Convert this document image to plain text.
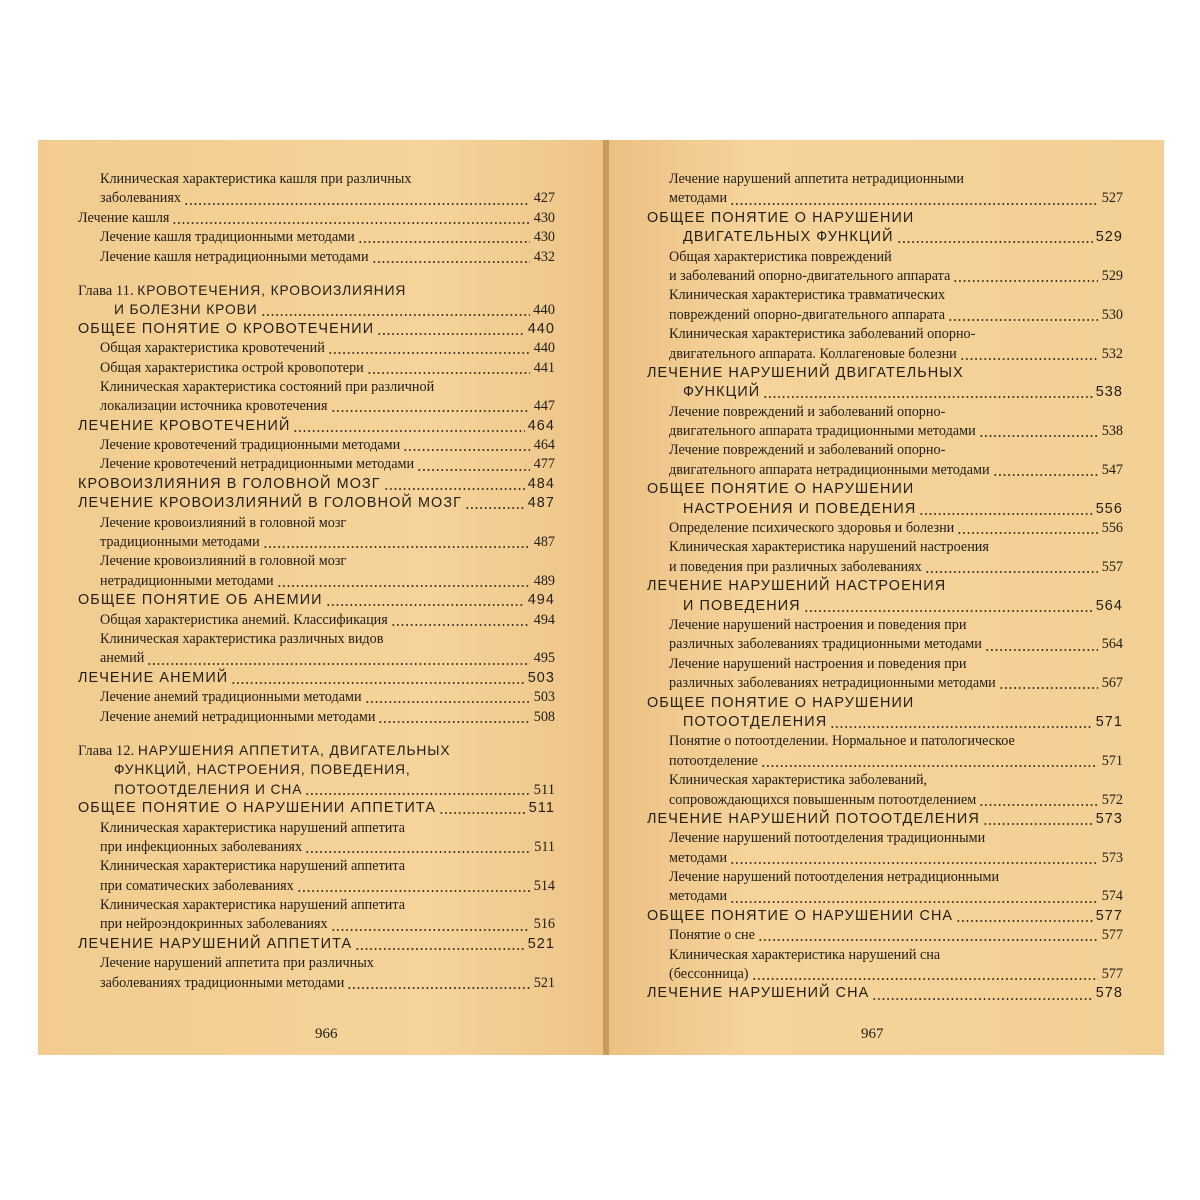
Клиническая характеристика кашля при различных
заболеваниях	427
Лечение кашля	430
Лечение кашля традиционными методами	430
Лечение кашля нетрадиционными методами	432
Глава 11. КРОВОТЕЧЕНИЯ, КРОВОИЗЛИЯНИЯ
И БОЛЕЗНИ КРОВИ	440
ОБЩЕЕ ПОНЯТИЕ О КРОВОТЕЧЕНИИ	440
Общая характеристика кровотечений	440
Общая характеристика острой кровопотери	441
Клиническая характеристика состояний при различной
локализации источника кровотечения	447
ЛЕЧЕНИЕ КРОВОТЕЧЕНИЙ	464
Лечение кровотечений традиционными методами	464
Лечение кровотечений нетрадиционными методами	477
КРОВОИЗЛИЯНИЯ В ГОЛОВНОЙ МОЗГ	484
ЛЕЧЕНИЕ КРОВОИЗЛИЯНИЙ В ГОЛОВНОЙ МОЗГ	487
Лечение кровоизлияний в головной мозг
традиционными методами	487
Лечение кровоизлияний в головной мозг
нетрадиционными методами	489
ОБЩЕЕ ПОНЯТИЕ ОБ АНЕМИИ	494
Общая характеристика анемий. Классификация	494
Клиническая характеристика различных видов
анемий	495
ЛЕЧЕНИЕ АНЕМИЙ	503
Лечение анемий традиционными методами	503
Лечение анемий нетрадиционными методами	508
Глава 12. НАРУШЕНИЯ АППЕТИТА, ДВИГАТЕЛЬНЫХ
ФУНКЦИЙ, НАСТРОЕНИЯ, ПОВЕДЕНИЯ,
ПОТООТДЕЛЕНИЯ И СНА	511
ОБЩЕЕ ПОНЯТИЕ О НАРУШЕНИИ АППЕТИТА	511
Клиническая характеристика нарушений аппетита
при инфекционных заболеваниях	511
Клиническая характеристика нарушений аппетита
при соматических заболеваниях	514
Клиническая характеристика нарушений аппетита
при нейроэндокринных заболеваниях	516
ЛЕЧЕНИЕ НАРУШЕНИЙ АППЕТИТА	521
Лечение нарушений аппетита при различных
заболеваниях традиционными методами	521
966
Лечение нарушений аппетита нетрадиционными
методами	527
ОБЩЕЕ ПОНЯТИЕ О НАРУШЕНИИ
ДВИГАТЕЛЬНЫХ ФУНКЦИЙ	529
Общая характеристика повреждений
и заболеваний опорно-двигательного аппарата	529
Клиническая характеристика травматических
повреждений опорно-двигательного аппарата	530
Клиническая характеристика заболеваний опорно-
двигательного аппарата. Коллагеновые болезни	532
ЛЕЧЕНИЕ НАРУШЕНИЙ ДВИГАТЕЛЬНЫХ
ФУНКЦИЙ	538
Лечение повреждений и заболеваний опорно-
двигательного аппарата традиционными методами	538
Лечение повреждений и заболеваний опорно-
двигательного аппарата нетрадиционными методами	547
ОБЩЕЕ ПОНЯТИЕ О НАРУШЕНИИ
НАСТРОЕНИЯ И ПОВЕДЕНИЯ	556
Определение психического здоровья и болезни	556
Клиническая характеристика нарушений настроения
и поведения при различных заболеваниях	557
ЛЕЧЕНИЕ НАРУШЕНИЙ НАСТРОЕНИЯ
И ПОВЕДЕНИЯ	564
Лечение нарушений настроения и поведения при
различных заболеваниях традиционными методами	564
Лечение нарушений настроения и поведения при
различных заболеваниях нетрадиционными методами	567
ОБЩЕЕ ПОНЯТИЕ О НАРУШЕНИИ
ПОТООТДЕЛЕНИЯ	571
Понятие о потоотделении. Нормальное и патологическое
потоотделение	571
Клиническая характеристика заболеваний,
сопровождающихся повышенным потоотделением	572
ЛЕЧЕНИЕ НАРУШЕНИЙ ПОТООТДЕЛЕНИЯ	573
Лечение нарушений потоотделения традиционными
методами	573
Лечение нарушений потоотделения нетрадиционными
методами	574
ОБЩЕЕ ПОНЯТИЕ О НАРУШЕНИИ СНА	577
Понятие о сне	577
Клиническая характеристика нарушений сна
(бессонница)	577
ЛЕЧЕНИЕ НАРУШЕНИЙ СНА	578
967
